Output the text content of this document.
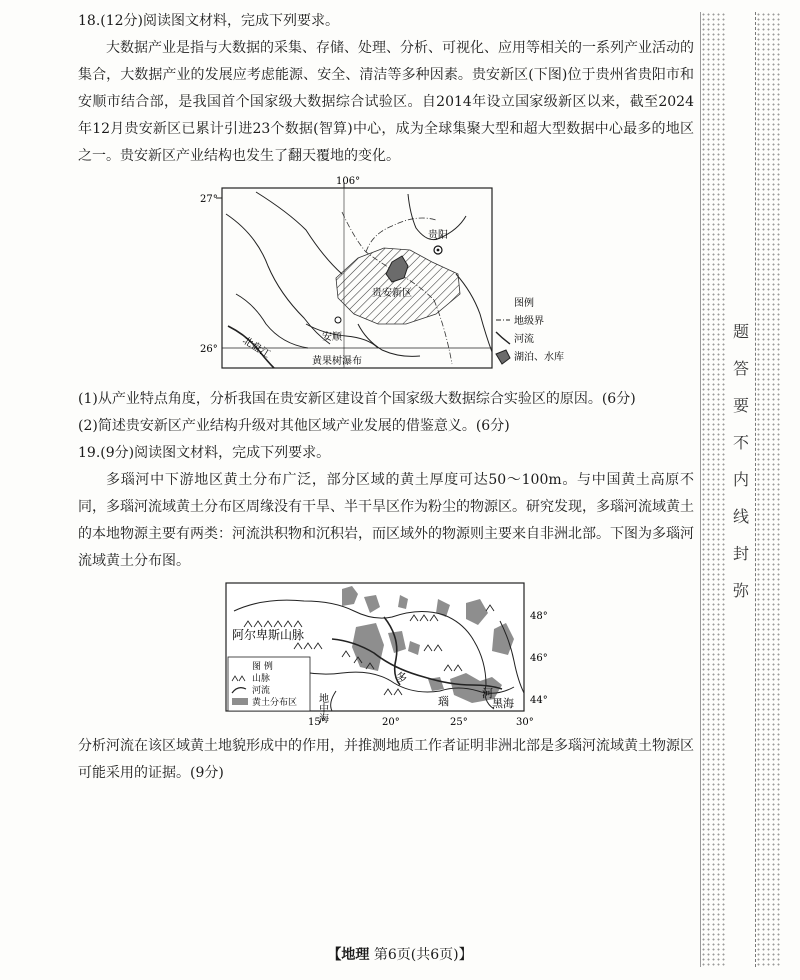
18.(12分)阅读图文材料，完成下列要求。

大数据产业是指与大数据的采集、存储、处理、分析、可视化、应用等相关的一系列产业活动的集合，大数据产业的发展应考虑能源、安全、清洁等多种因素。贵安新区(下图)位于贵州省贵阳市和安顺市结合部，是我国首个国家级大数据综合试验区。自2014年设立国家级新区以来，截至2024年12月贵安新区已累计引进23个数据(智算)中心，成为全球集聚大型和超大型数据中心最多的地区之一。贵安新区产业结构也发生了翻天覆地的变化。

106°
27°
26°
贵阳
安顺
贵安新区
北盘江
黄果树瀑布
图例
地级界
河流
湖泊、水库

(1)从产业特点角度，分析我国在贵安新区建设首个国家级大数据综合实验区的原因。(6分)

(2)简述贵安新区产业结构升级对其他区域产业发展的借鉴意义。(6分)

19.(9分)阅读图文材料，完成下列要求。

多瑙河中下游地区黄土分布广泛，部分区域的黄土厚度可达50～100m。与中国黄土高原不同，多瑙河流域黄土分布区周缘没有干旱、半干旱区作为粉尘的物源区。研究发现，多瑙河流域黄土的本地物源主要有两类：河流洪积物和沉积岩，而区域外的物源则主要来自非洲北部。下图为多瑙河流域黄土分布图。

阿尔卑斯山脉
多
瑙
河
黑海
地中海
48°
46°
44°
15°	20°	25°	30°
图 例
山脉
河流
黄土分布区

分析河流在该区域黄土地貌形成中的作用，并推测地质工作者证明非洲北部是多瑙河流域黄土物源区可能采用的证据。(9分)

题
答
要
不
内
线
封
弥
【地理 第6页(共6页)】
